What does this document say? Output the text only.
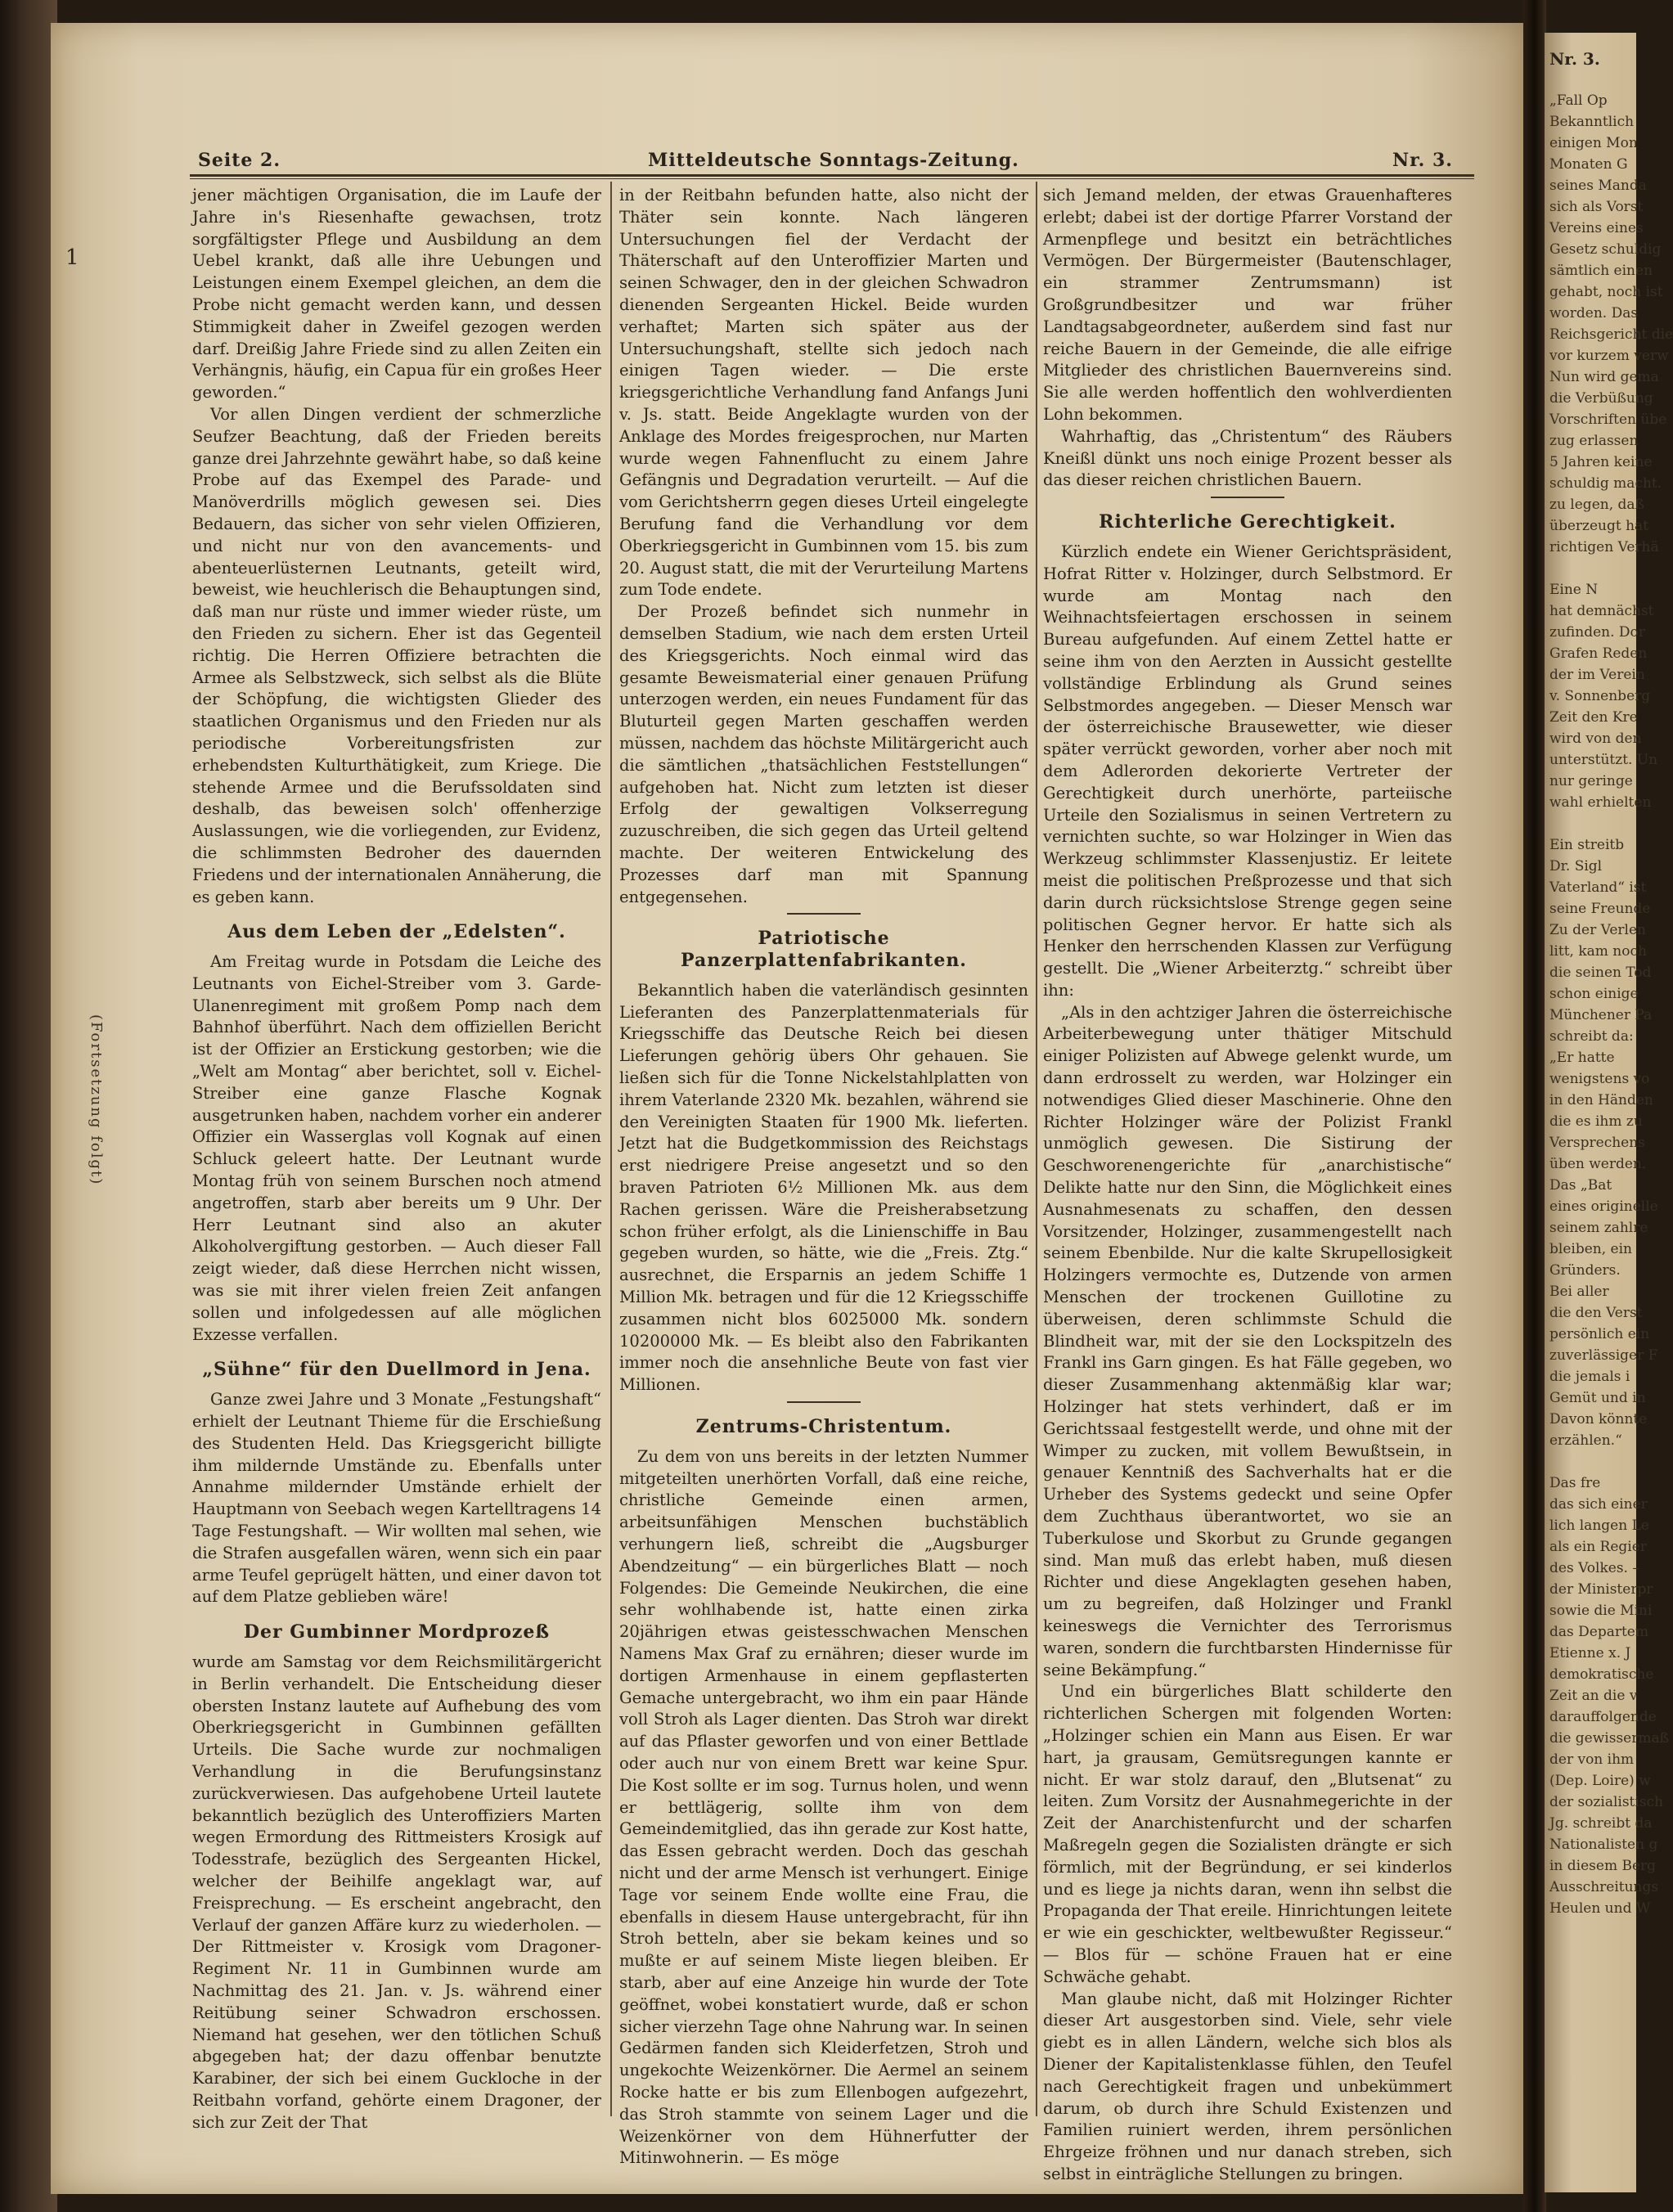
Nr. 3.
„Fall Op
Bekanntlich
einigen Mon
Monaten G
seines Manda
sich als Vorst
Vereins eines
Gesetz schuldig
sämtlich einen
gehabt, noch ist
worden. Das
Reichsgericht die
vor kurzem verw
Nun wird gema
die Verbüßung
Vorschriften übe
zug erlassen
5 Jahren keine
schuldig macht.
zu legen, daß
überzeugt hat
richtigen Verhä
Eine N
hat demnächst
zufinden. Dor
Grafen Reden
der im Verein
v. Sonnenberg
Zeit den Kre
wird von den
unterstützt. Un
nur geringe
wahl erhielten
Ein streitb
Dr. Sigl
Vaterland“ ist
seine Freunde
Zu der Verlen
litt, kam noch
die seinen Tod
schon einige
Münchener Pa
schreibt da:
„Er hatte
wenigstens vo
in den Händen
die es ihm zu
Versprechens
üben werden.
Das „Bat
eines originelle
seinem zahlre
bleiben, ein
Gründers.
Bei aller
die den Verst
persönlich ein
zuverlässiger F
die jemals i
Gemüt und in
Davon könnte
erzählen.“
Das fre
das sich einer
lich langen Le
als ein Regier
des Volkes. –
der Ministerpr
sowie die Mini
das Departem
Etienne x. J
demokratische
Zeit an die v
darauffolgende
die gewissermaß
der von ihm
(Dep. Loire) w
der sozialistisch
Jg. schreibt da
Nationalisten g
in diesem Berg
Ausschreitungs
Heulen und W
1
(Fortsetzung folgt)
Seite 2.	Mitteldeutsche Sonntags-Zeitung.	Nr. 3.

jener mächtigen Organisation, die im Laufe der Jahre in's Riesenhafte gewachsen, trotz sorgfältigster Pflege und Ausbildung an dem Uebel krankt, daß alle ihre Uebungen und Leistungen einem Exempel gleichen, an dem die Probe nicht gemacht werden kann, und dessen Stimmigkeit daher in Zweifel gezogen werden darf. Dreißig Jahre Friede sind zu allen Zeiten ein Verhängnis, häufig, ein Capua für ein großes Heer geworden.“

Vor allen Dingen verdient der schmerzliche Seufzer Beachtung, daß der Frieden bereits ganze drei Jahrzehnte gewährt habe, so daß keine Probe auf das Exempel des Parade- und Manöverdrills möglich gewesen sei. Dies Bedauern, das sicher von sehr vielen Offizieren, und nicht nur von den avancements- und abenteuerlüsternen Leutnants, geteilt wird, beweist, wie heuchlerisch die Behauptungen sind, daß man nur rüste und immer wieder rüste, um den Frieden zu sichern. Eher ist das Gegenteil richtig. Die Herren Offiziere betrachten die Armee als Selbstzweck, sich selbst als die Blüte der Schöpfung, die wichtigsten Glieder des staatlichen Organismus und den Frieden nur als periodische Vorbereitungsfristen zur erhebendsten Kulturthätigkeit, zum Kriege. Die stehende Armee und die Berufssoldaten sind deshalb, das beweisen solch' offenherzige Auslassungen, wie die vorliegenden, zur Evidenz, die schlimmsten Bedroher des dauernden Friedens und der internationalen Annäherung, die es geben kann.

Aus dem Leben der „Edelsten“.

Am Freitag wurde in Potsdam die Leiche des Leutnants von Eichel-Streiber vom 3. Garde-Ulanenregiment mit großem Pomp nach dem Bahnhof überführt. Nach dem offiziellen Bericht ist der Offizier an Erstickung gestorben; wie die „Welt am Montag“ aber berichtet, soll v. Eichel-Streiber eine ganze Flasche Kognak ausgetrunken haben, nachdem vorher ein anderer Offizier ein Wasserglas voll Kognak auf einen Schluck geleert hatte. Der Leutnant wurde Montag früh von seinem Burschen noch atmend angetroffen, starb aber bereits um 9 Uhr. Der Herr Leutnant sind also an akuter Alkoholvergiftung gestorben. — Auch dieser Fall zeigt wieder, daß diese Herrchen nicht wissen, was sie mit ihrer vielen freien Zeit anfangen sollen und infolgedessen auf alle möglichen Exzesse verfallen.

„Sühne“ für den Duellmord in Jena.

Ganze zwei Jahre und 3 Monate „Festungshaft“ erhielt der Leutnant Thieme für die Erschießung des Studenten Held. Das Kriegsgericht billigte ihm mildernde Umstände zu. Ebenfalls unter Annahme mildernder Umstände erhielt der Hauptmann von Seebach wegen Kartelltragens 14 Tage Festungshaft. — Wir wollten mal sehen, wie die Strafen ausgefallen wären, wenn sich ein paar arme Teufel geprügelt hätten, und einer davon tot auf dem Platze geblieben wäre!

Der Gumbinner Mordprozeß

wurde am Samstag vor dem Reichsmilitärgericht in Berlin verhandelt. Die Entscheidung dieser obersten Instanz lautete auf Aufhebung des vom Oberkriegsgericht in Gumbinnen gefällten Urteils. Die Sache wurde zur nochmaligen Verhandlung in die Berufungsinstanz zurückverwiesen. Das aufgehobene Urteil lautete bekanntlich bezüglich des Unteroffiziers Marten wegen Ermordung des Rittmeisters Krosigk auf Todesstrafe, bezüglich des Sergeanten Hickel, welcher der Beihilfe angeklagt war, auf Freisprechung. — Es erscheint angebracht, den Verlauf der ganzen Affäre kurz zu wiederholen. — Der Rittmeister v. Krosigk vom Dragoner-Regiment Nr. 11 in Gumbinnen wurde am Nachmittag des 21. Jan. v. Js. während einer Reitübung seiner Schwadron erschossen. Niemand hat gesehen, wer den tötlichen Schuß abgegeben hat; der dazu offenbar benutzte Karabiner, der sich bei einem Guckloche in der Reitbahn vorfand, gehörte einem Dragoner, der sich zur Zeit der That

in der Reitbahn befunden hatte, also nicht der Thäter sein konnte. Nach längeren Untersuchungen fiel der Verdacht der Thäterschaft auf den Unteroffizier Marten und seinen Schwager, den in der gleichen Schwadron dienenden Sergeanten Hickel. Beide wurden verhaftet; Marten sich später aus der Untersuchungshaft, stellte sich jedoch nach einigen Tagen wieder. — Die erste kriegsgerichtliche Verhandlung fand Anfangs Juni v. Js. statt. Beide Angeklagte wurden von der Anklage des Mordes freigesprochen, nur Marten wurde wegen Fahnenflucht zu einem Jahre Gefängnis und Degradation verurteilt. — Auf die vom Gerichtsherrn gegen dieses Urteil eingelegte Berufung fand die Verhandlung vor dem Oberkriegsgericht in Gumbinnen vom 15. bis zum 20. August statt, die mit der Verurteilung Martens zum Tode endete.

Der Prozeß befindet sich nunmehr in demselben Stadium, wie nach dem ersten Urteil des Kriegsgerichts. Noch einmal wird das gesamte Beweismaterial einer genauen Prüfung unterzogen werden, ein neues Fundament für das Bluturteil gegen Marten geschaffen werden müssen, nachdem das höchste Militärgericht auch die sämtlichen „thatsächlichen Feststellungen“ aufgehoben hat. Nicht zum letzten ist dieser Erfolg der gewaltigen Volkserregung zuzuschreiben, die sich gegen das Urteil geltend machte. Der weiteren Entwickelung des Prozesses darf man mit Spannung entgegensehen.

Patriotische Panzerplattenfabrikanten.

Bekanntlich haben die vaterländisch gesinnten Lieferanten des Panzerplattenmaterials für Kriegsschiffe das Deutsche Reich bei diesen Lieferungen gehörig übers Ohr gehauen. Sie ließen sich für die Tonne Nickelstahlplatten von ihrem Vaterlande 2320 Mk. bezahlen, während sie den Vereinigten Staaten für 1900 Mk. lieferten. Jetzt hat die Budgetkommission des Reichstags erst niedrigere Preise angesetzt und so den braven Patrioten 6½ Millionen Mk. aus dem Rachen gerissen. Wäre die Preisherabsetzung schon früher erfolgt, als die Linienschiffe in Bau gegeben wurden, so hätte, wie die „Freis. Ztg.“ ausrechnet, die Ersparnis an jedem Schiffe 1 Million Mk. betragen und für die 12 Kriegsschiffe zusammen nicht blos 6025000 Mk. sondern 10200000 Mk. — Es bleibt also den Fabrikanten immer noch die ansehnliche Beute von fast vier Millionen.

Zentrums-Christentum.

Zu dem von uns bereits in der letzten Nummer mitgeteilten unerhörten Vorfall, daß eine reiche, christliche Gemeinde einen armen, arbeitsunfähigen Menschen buchstäblich verhungern ließ, schreibt die „Augsburger Abendzeitung“ — ein bürgerliches Blatt — noch Folgendes: Die Gemeinde Neukirchen, die eine sehr wohlhabende ist, hatte einen zirka 20jährigen etwas geistesschwachen Menschen Namens Max Graf zu ernähren; dieser wurde im dortigen Armenhause in einem gepflasterten Gemache untergebracht, wo ihm ein paar Hände voll Stroh als Lager dienten. Das Stroh war direkt auf das Pflaster geworfen und von einer Bettlade oder auch nur von einem Brett war keine Spur. Die Kost sollte er im sog. Turnus holen, und wenn er bettlägerig, sollte ihm von dem Gemeindemitglied, das ihn gerade zur Kost hatte, das Essen gebracht werden. Doch das geschah nicht und der arme Mensch ist verhungert. Einige Tage vor seinem Ende wollte eine Frau, die ebenfalls in diesem Hause untergebracht, für ihn Stroh betteln, aber sie bekam keines und so mußte er auf seinem Miste liegen bleiben. Er starb, aber auf eine Anzeige hin wurde der Tote geöffnet, wobei konstatiert wurde, daß er schon sicher vierzehn Tage ohne Nahrung war. In seinen Gedärmen fanden sich Kleiderfetzen, Stroh und ungekochte Weizenkörner. Die Aermel an seinem Rocke hatte er bis zum Ellenbogen aufgezehrt, das Stroh stammte von seinem Lager und die Weizenkörner von dem Hühnerfutter der Mitinwohnerin. — Es möge

sich Jemand melden, der etwas Grauenhafteres erlebt; dabei ist der dortige Pfarrer Vorstand der Armenpflege und besitzt ein beträchtliches Vermögen. Der Bürgermeister (Bautenschlager, ein strammer Zentrumsmann) ist Großgrundbesitzer und war früher Landtagsabgeordneter, außerdem sind fast nur reiche Bauern in der Gemeinde, die alle eifrige Mitglieder des christlichen Bauernvereins sind. Sie alle werden hoffentlich den wohlverdienten Lohn bekommen.

Wahrhaftig, das „Christentum“ des Räubers Kneißl dünkt uns noch einige Prozent besser als das dieser reichen christlichen Bauern.

Richterliche Gerechtigkeit.

Kürzlich endete ein Wiener Gerichtspräsident, Hofrat Ritter v. Holzinger, durch Selbstmord. Er wurde am Montag nach den Weihnachtsfeiertagen erschossen in seinem Bureau aufgefunden. Auf einem Zettel hatte er seine ihm von den Aerzten in Aussicht gestellte vollständige Erblindung als Grund seines Selbstmordes angegeben. — Dieser Mensch war der österreichische Brausewetter, wie dieser später verrückt geworden, vorher aber noch mit dem Adlerorden dekorierte Vertreter der Gerechtigkeit durch unerhörte, parteiische Urteile den Sozialismus in seinen Vertretern zu vernichten suchte, so war Holzinger in Wien das Werkzeug schlimmster Klassenjustiz. Er leitete meist die politischen Preßprozesse und that sich darin durch rücksichtslose Strenge gegen seine politischen Gegner hervor. Er hatte sich als Henker den herrschenden Klassen zur Verfügung gestellt. Die „Wiener Arbeiterztg.“ schreibt über ihn:

„Als in den achtziger Jahren die österreichische Arbeiterbewegung unter thätiger Mitschuld einiger Polizisten auf Abwege gelenkt wurde, um dann erdrosselt zu werden, war Holzinger ein notwendiges Glied dieser Maschinerie. Ohne den Richter Holzinger wäre der Polizist Frankl unmöglich gewesen. Die Sistirung der Geschworenengerichte für „anarchistische“ Delikte hatte nur den Sinn, die Möglichkeit eines Ausnahmesenats zu schaffen, den dessen Vorsitzender, Holzinger, zusammengestellt nach seinem Ebenbilde. Nur die kalte Skrupellosigkeit Holzingers vermochte es, Dutzende von armen Menschen der trockenen Guillotine zu überweisen, deren schlimmste Schuld die Blindheit war, mit der sie den Lockspitzeln des Frankl ins Garn gingen. Es hat Fälle gegeben, wo dieser Zusammenhang aktenmäßig klar war; Holzinger hat stets verhindert, daß er im Gerichtssaal festgestellt werde, und ohne mit der Wimper zu zucken, mit vollem Bewußtsein, in genauer Kenntniß des Sachverhalts hat er die Urheber des Systems gedeckt und seine Opfer dem Zuchthaus überantwortet, wo sie an Tuberkulose und Skorbut zu Grunde gegangen sind. Man muß das erlebt haben, muß diesen Richter und diese Angeklagten gesehen haben, um zu begreifen, daß Holzinger und Frankl keineswegs die Vernichter des Terrorismus waren, sondern die furchtbarsten Hindernisse für seine Bekämpfung.“

Und ein bürgerliches Blatt schilderte den richterlichen Schergen mit folgenden Worten: „Holzinger schien ein Mann aus Eisen. Er war hart, ja grausam, Gemütsregungen kannte er nicht. Er war stolz darauf, den „Blutsenat“ zu leiten. Zum Vorsitz der Ausnahmegerichte in der Zeit der Anarchistenfurcht und der scharfen Maßregeln gegen die Sozialisten drängte er sich förmlich, mit der Begründung, er sei kinderlos und es liege ja nichts daran, wenn ihn selbst die Propaganda der That ereile. Hinrichtungen leitete er wie ein geschickter, weltbewußter Regisseur.“ — Blos für — schöne Frauen hat er eine Schwäche gehabt.

Man glaube nicht, daß mit Holzinger Richter dieser Art ausgestorben sind. Viele, sehr viele giebt es in allen Ländern, welche sich blos als Diener der Kapitalistenklasse fühlen, den Teufel nach Gerechtigkeit fragen und unbekümmert darum, ob durch ihre Schuld Existenzen und Familien ruiniert werden, ihrem persönlichen Ehrgeize fröhnen und nur danach streben, sich selbst in einträgliche Stellungen zu bringen.
